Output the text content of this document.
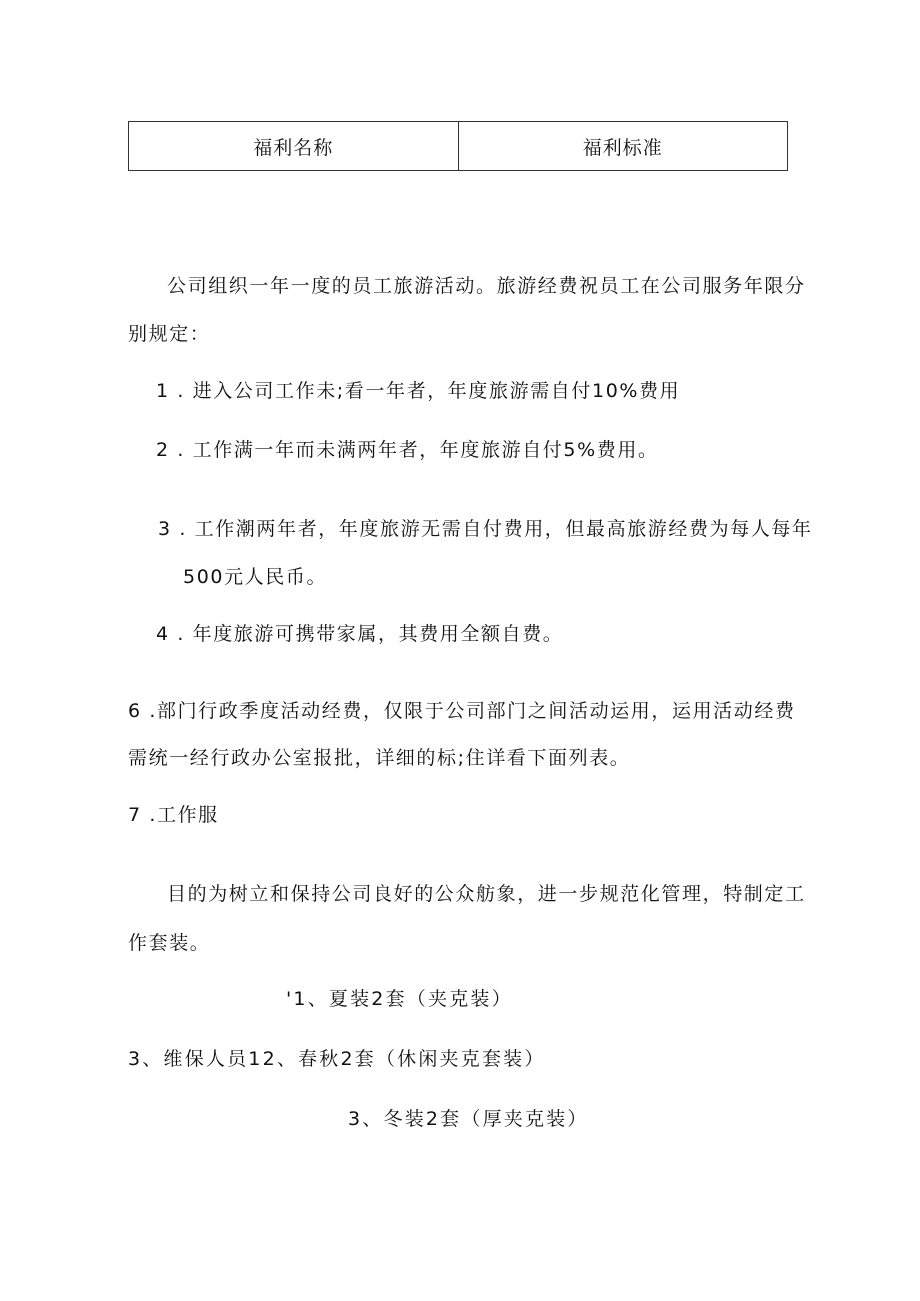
福利名称	福利标准
公司组织一年一度的员工旅游活动。旅游经费祝员工在公司服务年限分
别规定：
1 . 进入公司工作未;看一年者，年度旅游需自付10%费用
2 . 工作满一年而未满两年者，年度旅游自付5%费用。
3 . 工作潮两年者，年度旅游无需自付费用，但最高旅游经费为每人每年
500元人民币。
4 . 年度旅游可携带家属，其费用全额自费。
6 .部门行政季度活动经费，仅限于公司部门之间活动运用，运用活动经费
需统一经行政办公室报批，详细的标;住详看下面列表。
7 .工作服
目的为树立和保持公司良好的公众舫象，进一步规范化管理，特制定工
作套装。
'1、夏装2套（夹克装）
3、维保人员12、春秋2套（休闲夹克套装）
3、冬装2套（厚夹克装）
